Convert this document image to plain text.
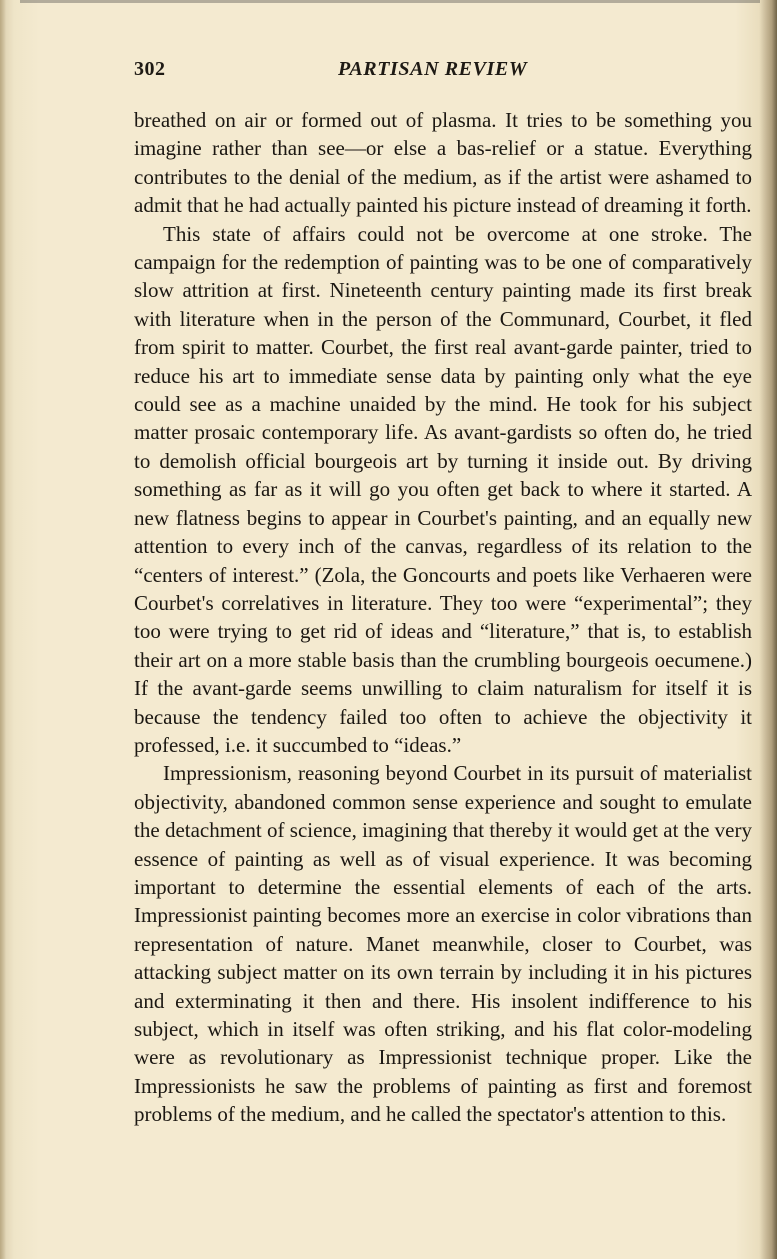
302	PARTISAN REVIEW

breathed on air or formed out of plasma. It tries to be something you imagine rather than see—or else a bas-relief or a statue. Everything contributes to the denial of the medium, as if the artist were ashamed to admit that he had actually painted his picture instead of dreaming it forth.

This state of affairs could not be overcome at one stroke. The campaign for the redemption of painting was to be one of comparatively slow attrition at first. Nineteenth century painting made its first break with literature when in the person of the Communard, Courbet, it fled from spirit to matter. Courbet, the first real avant-garde painter, tried to reduce his art to immediate sense data by painting only what the eye could see as a machine unaided by the mind. He took for his subject matter prosaic contemporary life. As avant-gardists so often do, he tried to demolish official bourgeois art by turning it inside out. By driving something as far as it will go you often get back to where it started. A new flatness begins to appear in Courbet's painting, and an equally new attention to every inch of the canvas, regardless of its relation to the “centers of interest.” (Zola, the Goncourts and poets like Verhaeren were Courbet's correlatives in literature. They too were “experimental”; they too were trying to get rid of ideas and “literature,” that is, to establish their art on a more stable basis than the crumbling bourgeois oecumene.) If the avant-garde seems unwilling to claim naturalism for itself it is because the tendency failed too often to achieve the objectivity it professed, i.e. it succumbed to “ideas.”

Impressionism, reasoning beyond Courbet in its pursuit of materialist objectivity, abandoned common sense experience and sought to emulate the detachment of science, imagining that thereby it would get at the very essence of painting as well as of visual experience. It was becoming important to determine the essential elements of each of the arts. Impressionist painting becomes more an exercise in color vibrations than representation of nature. Manet meanwhile, closer to Courbet, was attacking subject matter on its own terrain by including it in his pictures and exterminating it then and there. His insolent indifference to his subject, which in itself was often striking, and his flat color-modeling were as revolutionary as Impressionist technique proper. Like the Impressionists he saw the problems of painting as first and foremost problems of the medium, and he called the spectator's attention to this.
